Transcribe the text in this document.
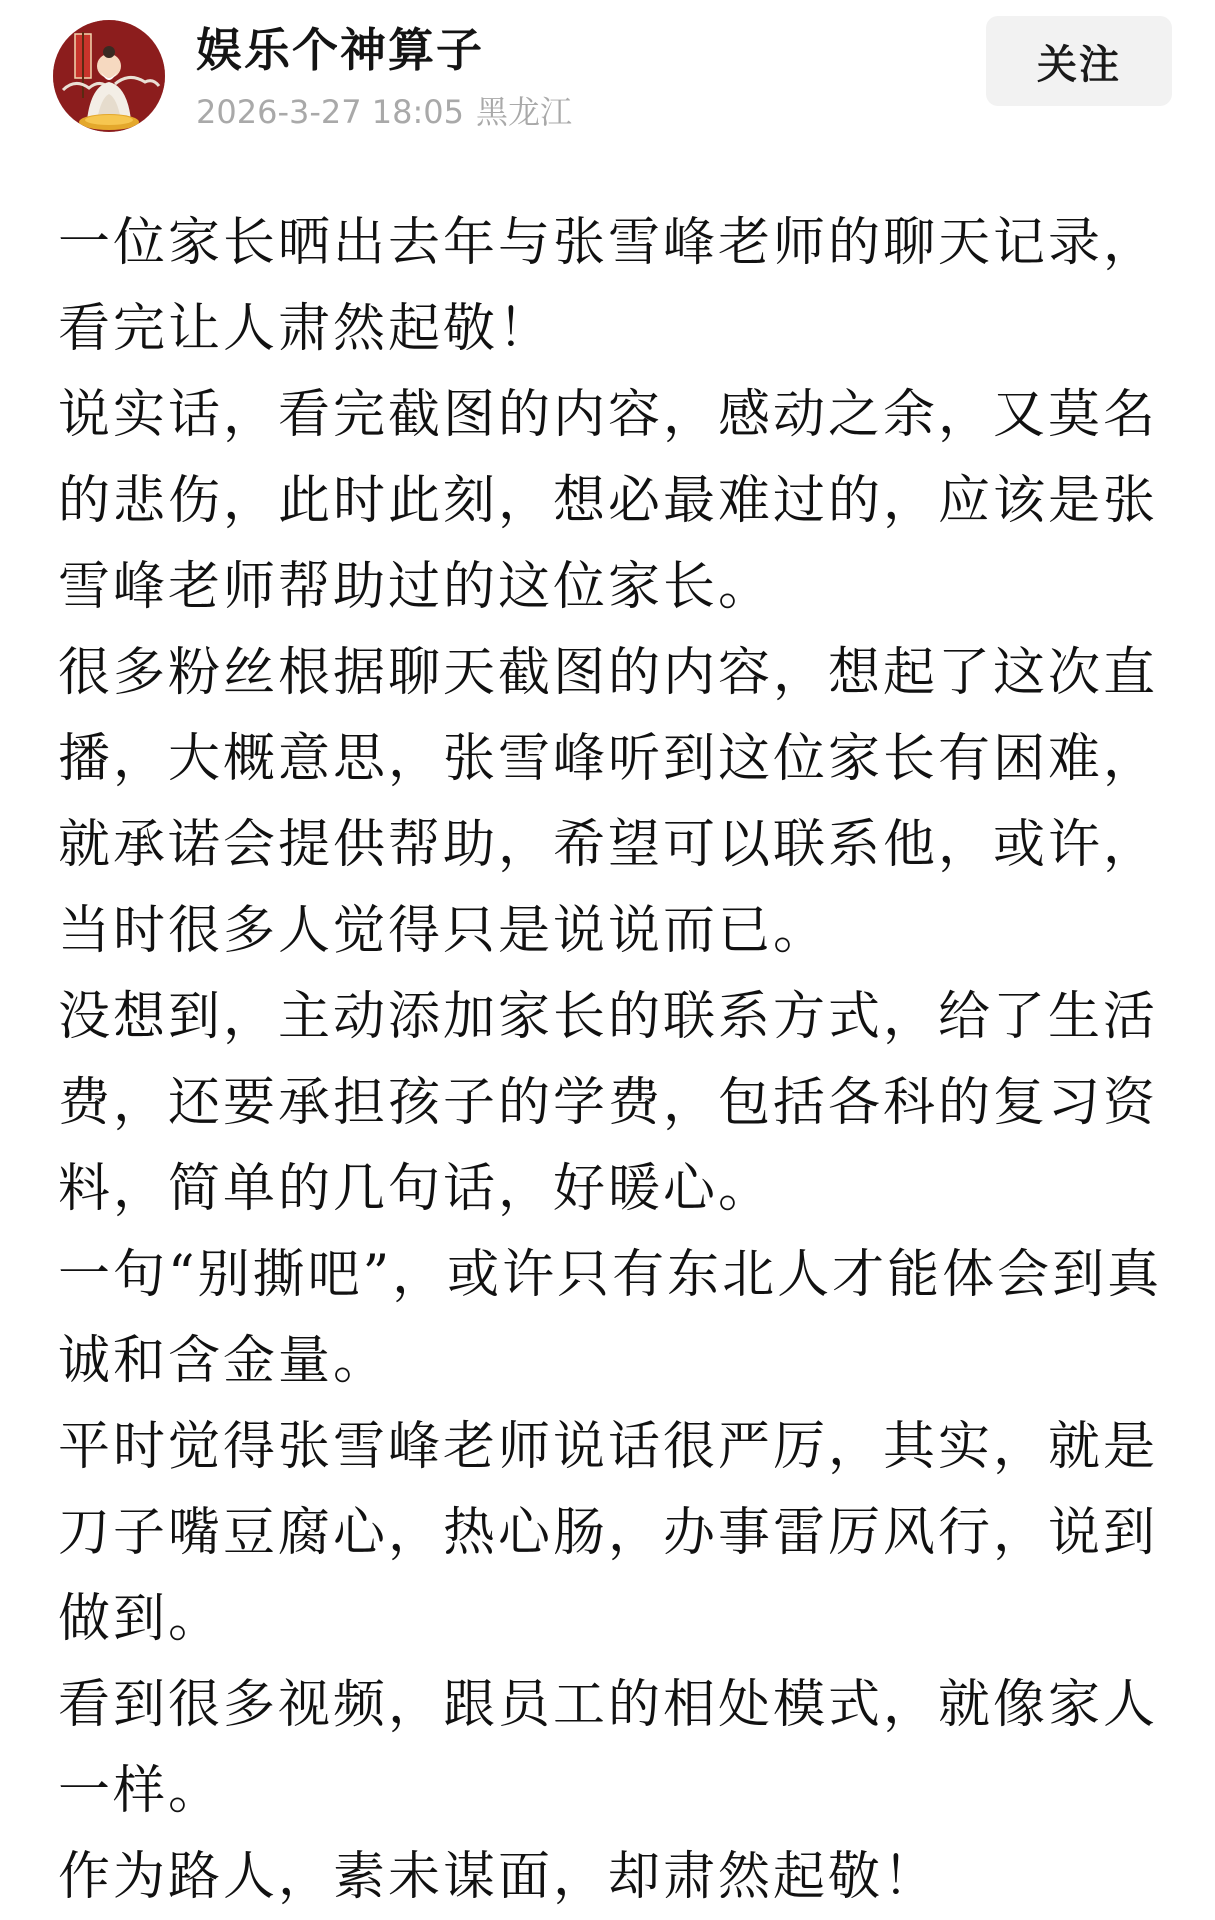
娱乐个神算子
2026-3-27 18:05 黑龙江
关注

一位家长晒出去年与张雪峰老师的聊天记录，看完让人肃然起敬！

说实话，看完截图的内容，感动之余，又莫名的悲伤，此时此刻，想必最难过的，应该是张雪峰老师帮助过的这位家长。

很多粉丝根据聊天截图的内容，想起了这次直播，大概意思，张雪峰听到这位家长有困难，就承诺会提供帮助，希望可以联系他，或许，当时很多人觉得只是说说而已。

没想到，主动添加家长的联系方式，给了生活费，还要承担孩子的学费，包括各科的复习资料，简单的几句话，好暖心。

一句“别撕吧”，或许只有东北人才能体会到真诚和含金量。

平时觉得张雪峰老师说话很严厉，其实，就是刀子嘴豆腐心，热心肠，办事雷厉风行，说到做到。

看到很多视频，跟员工的相处模式，就像家人一样。

作为路人，素未谋面，却肃然起敬！
